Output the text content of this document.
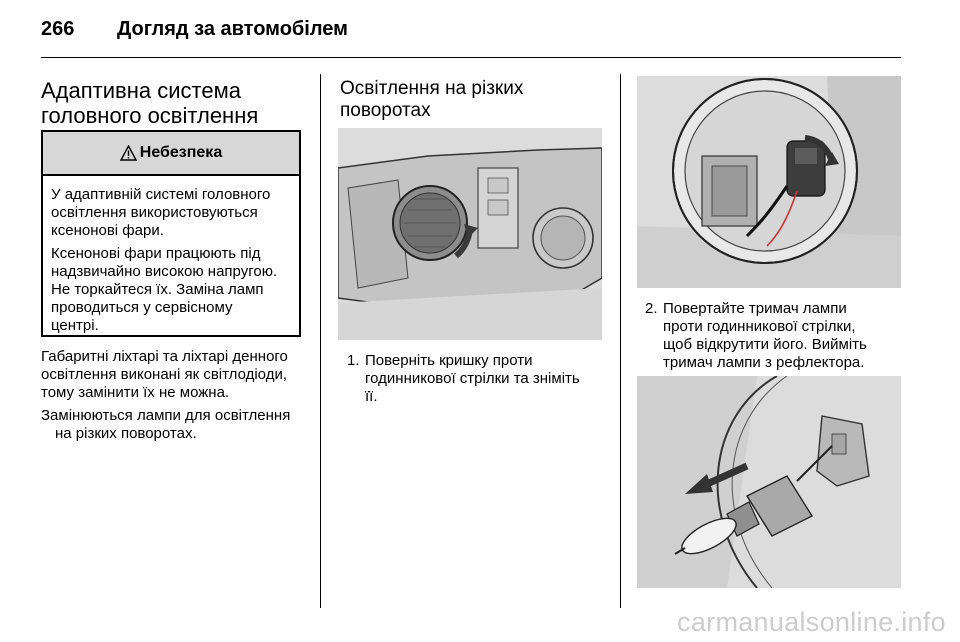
266 Догляд за автомобілем
Адаптивна система
головного освітлення
Небезпека

У адаптивній системі головного
освітлення використовуються
ксенонові фари.

Ксенонові фари працюють під
надзвичайно високою напругою.
Не торкайтеся їх. Заміна ламп
проводиться у сервісному
центрі.

Габаритні ліхтарі та ліхтарі денного
освітлення виконані як світлодіоди,
тому замінити їх не можна.

Замінюються лампи для освітлення
на різких поворотах.

Освітлення на різких
поворотах
1. Поверніть кришку проти
годинникової стрілки та зніміть
її.
2. Повертайте тримач лампи
проти годинникової стрілки,
щоб відкрутити його. Вийміть
тримач лампи з рефлектора.
carmanualsonline.info
